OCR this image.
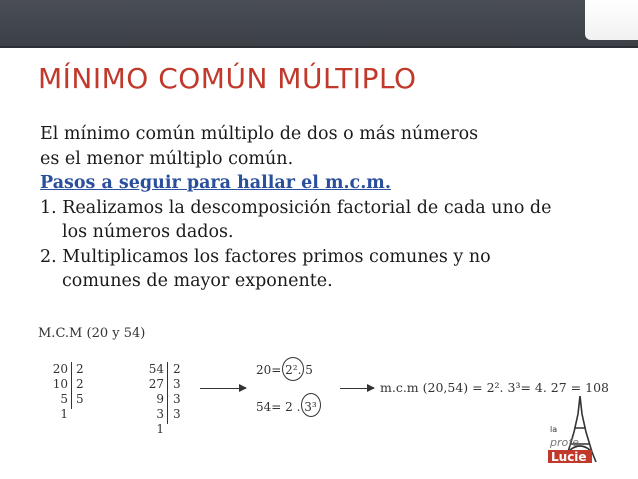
MÍNIMO COMÚN MÚLTIPLO
El mínimo común múltiplo de dos o más números
es el menor múltiplo común.
Pasos a seguir para hallar el m.c.m.
1. Realizamos la descomposición factorial de cada uno de
los números dados.
2. Multiplicamos los factores primos comunes y no
comunes de mayor exponente.
M.C.M (20 y 54)
20
10
5
1
2
2
5
54
27
9
3
1
2
3
3
3
20= 2². 5
54= 2 . 3³
m.c.m (20,54) = 2². 3³= 4. 27 = 108
la
profe
Lucie
